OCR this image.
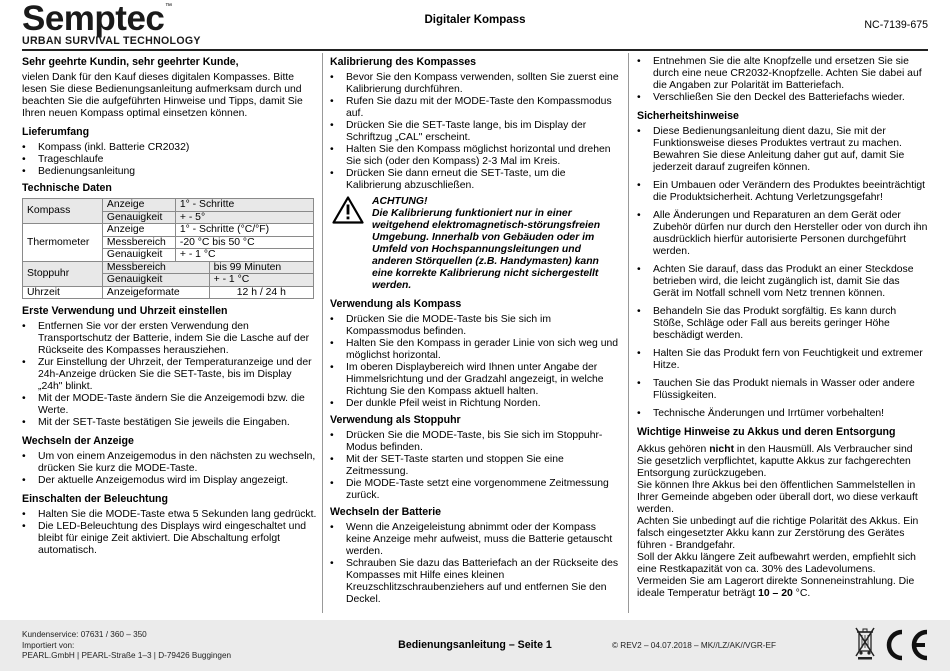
Semptec ™
URBAN SURVIVAL TECHNOLOGY
Digitaler Kompass	NC-7139-675
Sehr geehrte Kundin, sehr geehrter Kunde,

vielen Dank für den Kauf dieses digitalen Kompasses. Bitte lesen Sie diese Bedienungsanleitung aufmerksam durch und beachten Sie die aufgeführten Hinweise und Tipps, damit Sie Ihren neuen Kompass optimal einsetzen können.

Lieferumfang
• Kompass (inkl. Batterie CR2032)
• Trageschlaufe
• Bedienungsanleitung
Technische Daten
Kompass	Anzeige	1° - Schritte	
	Genauigkeit	+ - 5°	
Thermometer	Anzeige	1° - Schritte (°C/°F)	
	Messbereich	-20 °C bis 50 °C	
	Genauigkeit	+ - 1 °C	
Stoppuhr	Messbereich		bis 99 Minuten
	Genauigkeit		+ - 1 °C
Uhrzeit	Anzeigeformate		12 h / 24 h
Erste Verwendung und Uhrzeit einstellen
• Entfernen Sie vor der ersten Verwendung den Transportschutz der Batterie, indem Sie die Lasche auf der Rückseite des Kompasses herausziehen.
• Zur Einstellung der Uhrzeit, der Temperaturanzeige und der 24h-Anzeige drücken Sie die SET-Taste, bis im Display „24h" blinkt.
• Mit der MODE-Taste ändern Sie die Anzeigemodi bzw. die Werte.
• Mit der SET-Taste bestätigen Sie jeweils die Eingaben.
Wechseln der Anzeige
• Um von einem Anzeigemodus in den nächsten zu wechseln, drücken Sie kurz die MODE-Taste.
• Der aktuelle Anzeigemodus wird im Display angezeigt.
Einschalten der Beleuchtung
• Halten Sie die MODE-Taste etwa 5 Sekunden lang gedrückt.
• Die LED-Beleuchtung des Displays wird eingeschaltet und bleibt für einige Zeit aktiviert. Die Abschaltung erfolgt automatisch.
Kalibrierung des Kompasses
• Bevor Sie den Kompass verwenden, sollten Sie zuerst eine Kalibrierung durchführen.
• Rufen Sie dazu mit der MODE-Taste den Kompassmodus auf.
• Drücken Sie die SET-Taste lange, bis im Display der Schriftzug „CAL" erscheint.
• Halten Sie den Kompass möglichst horizontal und drehen Sie sich (oder den Kompass) 2-3 Mal im Kreis.
• Drücken Sie dann erneut die SET-Taste, um die Kalibrierung abzuschließen.
ACHTUNG!
Die Kalibrierung funktioniert nur in einer weitgehend elektromagnetisch-störungsfreien Umgebung. Innerhalb von Gebäuden oder im Umfeld von Hochspannungsleitungen und anderen Störquellen (z.B. Handymasten) kann eine korrekte Kalibrierung nicht sichergestellt werden.
Verwendung als Kompass
• Drücken Sie die MODE-Taste bis Sie sich im Kompassmodus befinden.
• Halten Sie den Kompass in gerader Linie von sich weg und möglichst horizontal.
• Im oberen Displaybereich wird Ihnen unter Angabe der Himmelsrichtung und der Gradzahl angezeigt, in welche Richtung Sie den Kompass aktuell halten.
• Der dunkle Pfeil weist in Richtung Norden.
Verwendung als Stoppuhr
• Drücken Sie die MODE-Taste, bis Sie sich im Stoppuhr-Modus befinden.
• Mit der SET-Taste starten und stoppen Sie eine Zeitmessung.
• Die MODE-Taste setzt eine vorgenommene Zeitmessung zurück.
Wechseln der Batterie
• Wenn die Anzeigeleistung abnimmt oder der Kompass keine Anzeige mehr aufweist, muss die Batterie getauscht werden.
• Schrauben Sie dazu das Batteriefach an der Rückseite des Kompasses mit Hilfe eines kleinen Kreuzschlitzschraubenziehers auf und entfernen Sie den Deckel.
• Entnehmen Sie die alte Knopfzelle und ersetzen Sie sie durch eine neue CR2032-Knopfzelle. Achten Sie dabei auf die Angaben zur Polarität im Batteriefach.
• Verschließen Sie den Deckel des Batteriefachs wieder.
Sicherheitshinweise
• Diese Bedienungsanleitung dient dazu, Sie mit der Funktionsweise dieses Produktes vertraut zu machen. Bewahren Sie diese Anleitung daher gut auf, damit Sie jederzeit darauf zugreifen können.
• Ein Umbauen oder Verändern des Produktes beeinträchtigt die Produktsicherheit. Achtung Verletzungsgefahr!
• Alle Änderungen und Reparaturen an dem Gerät oder Zubehör dürfen nur durch den Hersteller oder von durch ihn ausdrücklich hierfür autorisierte Personen durchgeführt werden.
• Achten Sie darauf, dass das Produkt an einer Steckdose betrieben wird, die leicht zugänglich ist, damit Sie das Gerät im Notfall schnell vom Netz trennen können.
• Behandeln Sie das Produkt sorgfältig. Es kann durch Stöße, Schläge oder Fall aus bereits geringer Höhe beschädigt werden.
• Halten Sie das Produkt fern von Feuchtigkeit und extremer Hitze.
• Tauchen Sie das Produkt niemals in Wasser oder andere Flüssigkeiten.
• Technische Änderungen und Irrtümer vorbehalten!
Wichtige Hinweise zu Akkus und deren Entsorgung

Akkus gehören nicht in den Hausmüll. Als Verbraucher sind Sie gesetzlich verpflichtet, kaputte Akkus zur fachgerechten Entsorgung zurückzugeben.

Sie können Ihre Akkus bei den öffentlichen Sammelstellen in Ihrer Gemeinde abgeben oder überall dort, wo diese verkauft werden.

Achten Sie unbedingt auf die richtige Polarität des Akkus. Ein falsch eingesetzter Akku kann zur Zerstörung des Gerätes führen - Brandgefahr.

Soll der Akku längere Zeit aufbewahrt werden, empfiehlt sich eine Restkapazität von ca. 30% des Ladevolumens.

Vermeiden Sie am Lagerort direkte Sonneneinstrahlung. Die ideale Temperatur beträgt 10 – 20 °C.

Kundenservice: 07631 / 360 – 350
Importiert von:
PEARL.GmbH | PEARL-Straße 1–3 | D-79426 Buggingen
Bedienungsanleitung – Seite 1	© REV2 – 04.07.2018 – MK//LZ/AK//VGR-EF
